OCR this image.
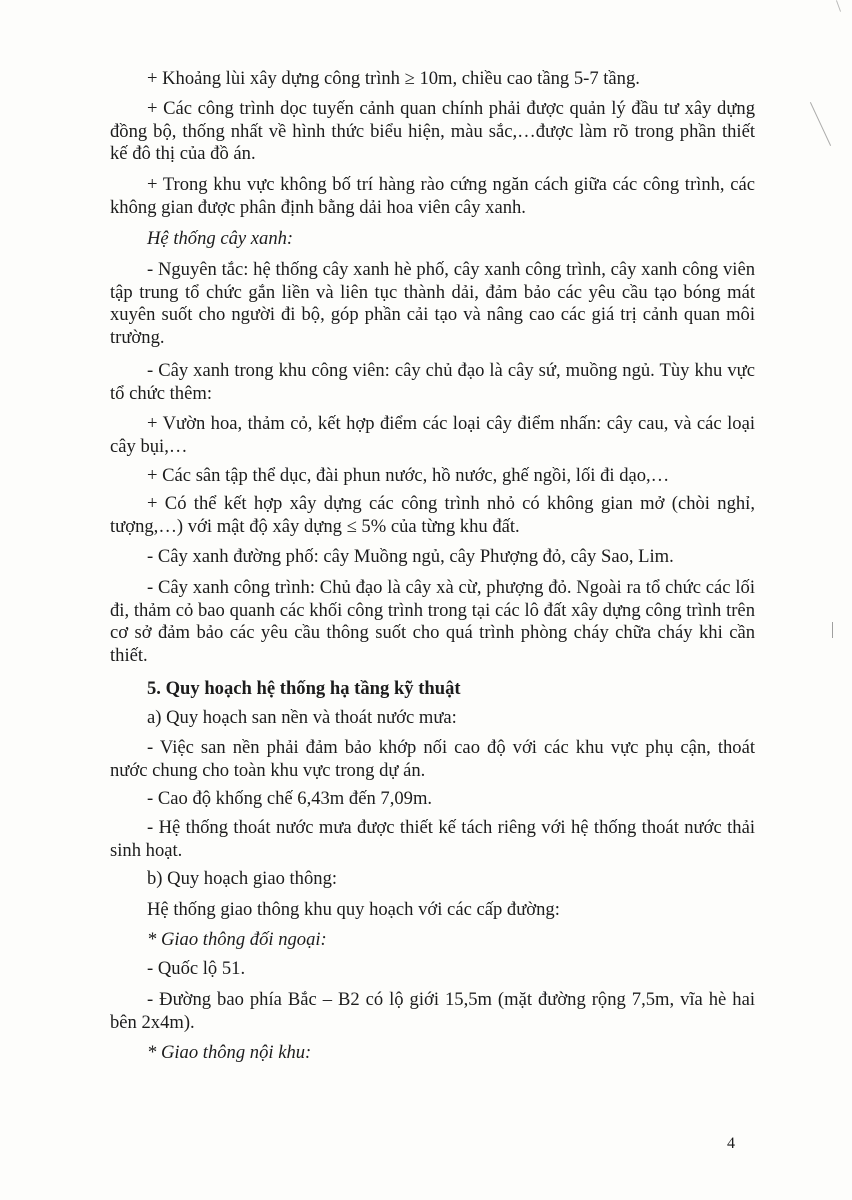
+ Khoảng lùi xây dựng công trình ≥ 10m, chiều cao tầng 5-7 tầng.

+ Các công trình dọc tuyến cảnh quan chính phải được quản lý đầu tư xây dựng đồng bộ, thống nhất về hình thức biểu hiện, màu sắc,…được làm rõ trong phần thiết kế đô thị của đồ án.

+ Trong khu vực không bố trí hàng rào cứng ngăn cách giữa các công trình, các không gian được phân định bằng dải hoa viên cây xanh.

Hệ thống cây xanh:

- Nguyên tắc: hệ thống cây xanh hè phố, cây xanh công trình, cây xanh công viên tập trung tổ chức gắn liền và liên tục thành dải, đảm bảo các yêu cầu tạo bóng mát xuyên suốt cho người đi bộ, góp phần cải tạo và nâng cao các giá trị cảnh quan môi trường.

- Cây xanh trong khu công viên: cây chủ đạo là cây sứ, muồng ngủ. Tùy khu vực tổ chức thêm:

+ Vườn hoa, thảm cỏ, kết hợp điểm các loại cây điểm nhấn: cây cau, và các loại cây bụi,…

+ Các sân tập thể dục, đài phun nước, hồ nước, ghế ngồi, lối đi dạo,…

+ Có thể kết hợp xây dựng các công trình nhỏ có không gian mở (chòi nghỉ, tượng,…) với mật độ xây dựng ≤ 5% của từng khu đất.

- Cây xanh đường phố: cây Muồng ngủ, cây Phượng đỏ, cây Sao, Lim.

- Cây xanh công trình: Chủ đạo là cây xà cừ, phượng đỏ. Ngoài ra tổ chức các lối đi, thảm cỏ bao quanh các khối công trình trong tại các lô đất xây dựng công trình trên cơ sở đảm bảo các yêu cầu thông suốt cho quá trình phòng cháy chữa cháy khi cần thiết.

5. Quy hoạch hệ thống hạ tầng kỹ thuật

a) Quy hoạch san nền và thoát nước mưa:

- Việc san nền phải đảm bảo khớp nối cao độ với các khu vực phụ cận, thoát nước chung cho toàn khu vực trong dự án.

- Cao độ khống chế 6,43m đến 7,09m.

- Hệ thống thoát nước mưa được thiết kế tách riêng với hệ thống thoát nước thải sinh hoạt.

b) Quy hoạch giao thông:

Hệ thống giao thông khu quy hoạch với các cấp đường:

* Giao thông đối ngoại:

- Quốc lộ 51.

- Đường bao phía Bắc – B2 có lộ giới 15,5m (mặt đường rộng 7,5m, vĩa hè hai bên 2x4m).

* Giao thông nội khu:

4
